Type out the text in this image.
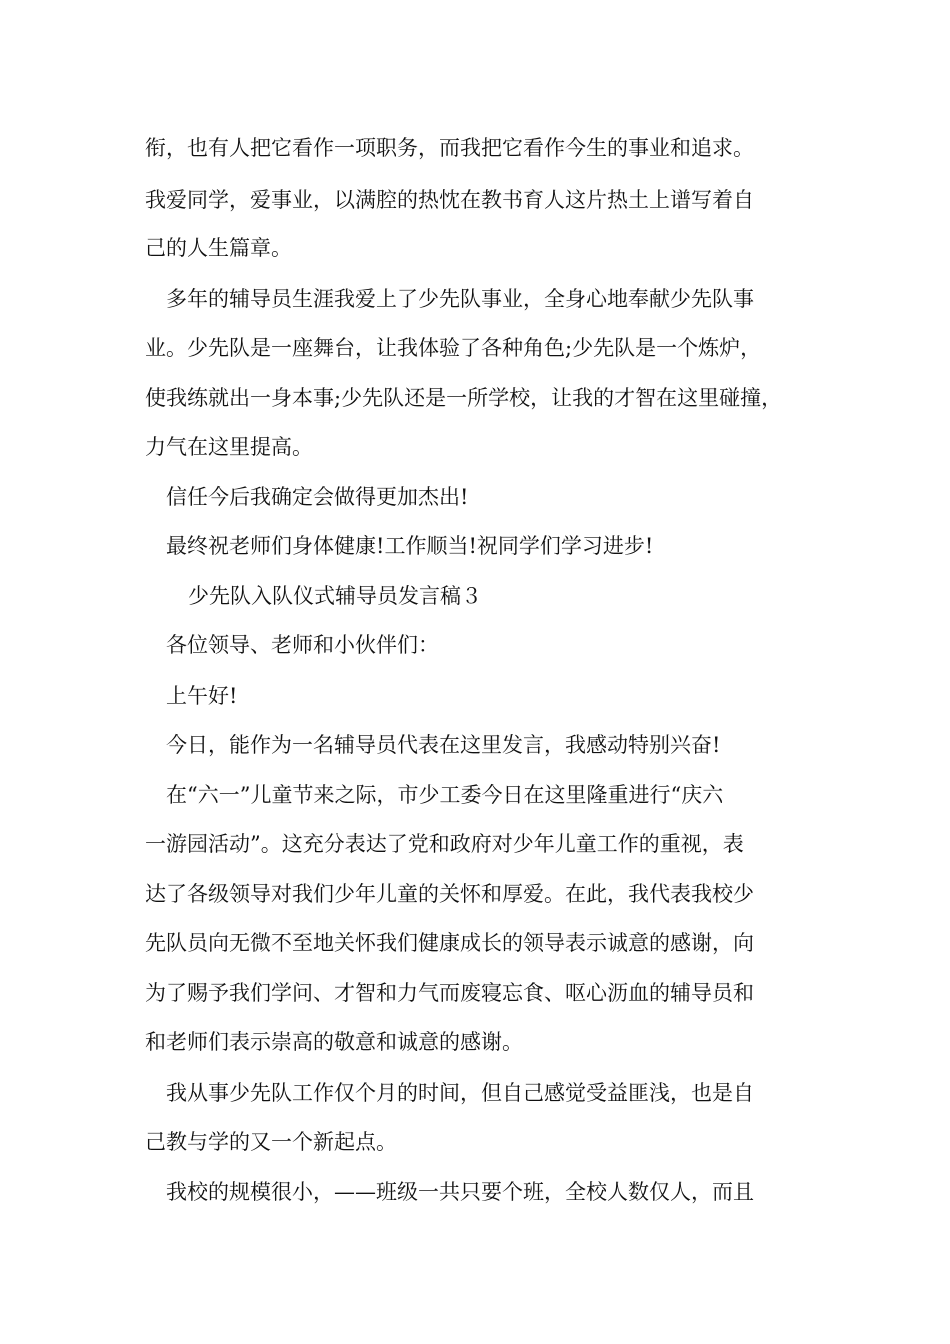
衔，也有人把它看作一项职务，而我把它看作今生的事业和追求。
我爱同学，爱事业，以满腔的热忱在教书育人这片热土上谱写着自
己的人生篇章。
多年的辅导员生涯我爱上了少先队事业，全身心地奉献少先队事
业。少先队是一座舞台，让我体验了各种角色;少先队是一个炼炉，
使我练就出一身本事;少先队还是一所学校，让我的才智在这里碰撞，
力气在这里提高。
信任今后我确定会做得更加杰出!
最终祝老师们身体健康!工作顺当!祝同学们学习进步!
少先队入队仪式辅导员发言稿３
各位领导、老师和小伙伴们：
上午好!
今日，能作为一名辅导员代表在这里发言，我感动特别兴奋!
在“六一”儿童节来之际，市少工委今日在这里隆重进行“庆六
一游园活动”。这充分表达了党和政府对少年儿童工作的重视，表
达了各级领导对我们少年儿童的关怀和厚爱。在此，我代表我校少
先队员向无微不至地关怀我们健康成长的领导表示诚意的感谢，向
为了赐予我们学问、才智和力气而废寝忘食、呕心沥血的辅导员和
和老师们表示崇高的敬意和诚意的感谢。
我从事少先队工作仅个月的时间，但自己感觉受益匪浅，也是自
己教与学的又一个新起点。
我校的规模很小，——班级一共只要个班，全校人数仅人，而且
